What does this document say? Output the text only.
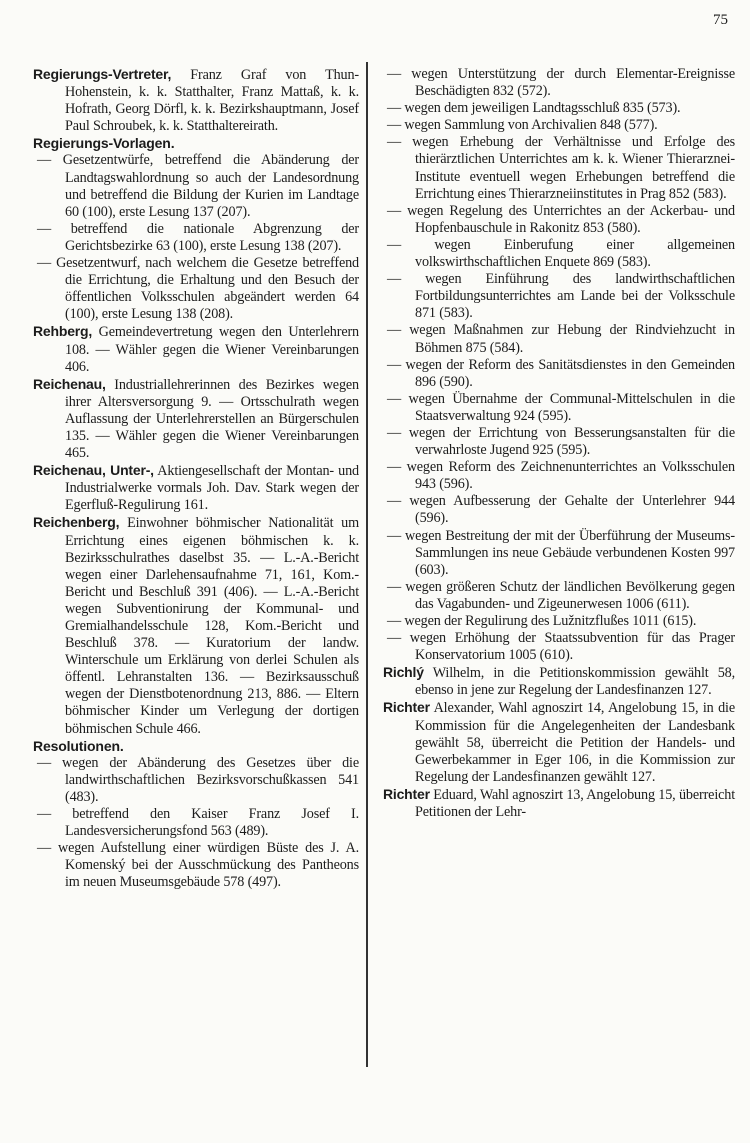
75

Regierungs-Vertreter, Franz Graf von Thun-Hohenstein, k. k. Statthalter, Franz Mattaß, k. k. Hofrath, Georg Dörfl, k. k. Bezirkshauptmann, Josef Paul Schroubek, k. k. Statthaltereirath.

Regierungs-Vorlagen.

— Gesetzentwürfe, betreffend die Abänderung der Landtagswahlordnung so auch der Landesordnung und betreffend die Bildung der Kurien im Landtage 60 (100), erste Lesung 137 (207).

— betreffend die nationale Abgrenzung der Gerichtsbezirke 63 (100), erste Lesung 138 (207).

— Gesetzentwurf, nach welchem die Gesetze betreffend die Errichtung, die Erhaltung und den Besuch der öffentlichen Volksschulen abgeändert werden 64 (100), erste Lesung 138 (208).

Rehberg, Gemeindevertretung wegen den Unterlehrern 108. — Wähler gegen die Wiener Vereinbarungen 406.

Reichenau, Industriallehrerinnen des Bezirkes wegen ihrer Altersversorgung 9. — Ortsschulrath wegen Auflassung der Unterlehrerstellen an Bürgerschulen 135. — Wähler gegen die Wiener Vereinbarungen 465.

Reichenau, Unter-, Aktiengesellschaft der Montan- und Industrialwerke vormals Joh. Dav. Stark wegen der Egerfluß-Regulirung 161.

Reichenberg, Einwohner böhmischer Nationalität um Errichtung eines eigenen böhmischen k. k. Bezirksschulrathes daselbst 35. — L.-A.-Bericht wegen einer Darlehensaufnahme 71, 161, Kom.-Bericht und Beschluß 391 (406). — L.-A.-Bericht wegen Subventionirung der Kommunal- und Gremialhandelsschule 128, Kom.-Bericht und Beschluß 378. — Kuratorium der landw. Winterschule um Erklärung von derlei Schulen als öffentl. Lehranstalten 136. — Bezirksausschuß wegen der Dienstbotenordnung 213, 886. — Eltern böhmischer Kinder um Verlegung der dortigen böhmischen Schule 466.

Resolutionen.

— wegen der Abänderung des Gesetzes über die landwirthschaftlichen Bezirksvorschußkassen 541 (483).

— betreffend den Kaiser Franz Josef I. Landesversicherungsfond 563 (489).

— wegen Aufstellung einer würdigen Büste des J. A. Komenský bei der Ausschmückung des Pantheons im neuen Museumsgebäude 578 (497).

— wegen Unterstützung der durch Elementar-Ereignisse Beschädigten 832 (572).

— wegen dem jeweiligen Landtagsschluß 835 (573).

— wegen Sammlung von Archivalien 848 (577).

— wegen Erhebung der Verhältnisse und Erfolge des thierärztlichen Unterrichtes am k. k. Wiener Thierarznei-Institute eventuell wegen Erhebungen betreffend die Errichtung eines Thierarzneiinstitutes in Prag 852 (583).

— wegen Regelung des Unterrichtes an der Ackerbau- und Hopfenbauschule in Rakonitz 853 (580).

— wegen Einberufung einer allgemeinen volkswirthschaftlichen Enquete 869 (583).

— wegen Einführung des landwirthschaftlichen Fortbildungsunterrichtes am Lande bei der Volksschule 871 (583).

— wegen Maßnahmen zur Hebung der Rindviehzucht in Böhmen 875 (584).

— wegen der Reform des Sanitätsdienstes in den Gemeinden 896 (590).

— wegen Übernahme der Communal-Mittelschulen in die Staatsverwaltung 924 (595).

— wegen der Errichtung von Besserungsanstalten für die verwahrloste Jugend 925 (595).

— wegen Reform des Zeichnenunterrichtes an Volksschulen 943 (596).

— wegen Aufbesserung der Gehalte der Unterlehrer 944 (596).

— wegen Bestreitung der mit der Überführung der Museums-Sammlungen ins neue Gebäude verbundenen Kosten 997 (603).

— wegen größeren Schutz der ländlichen Bevölkerung gegen das Vagabunden- und Zigeunerwesen 1006 (611).

— wegen der Regulirung des Lužnitzflußes 1011 (615).

— wegen Erhöhung der Staatssubvention für das Prager Konservatorium 1005 (610).

Richlý Wilhelm, in die Petitionskommission gewählt 58, ebenso in jene zur Regelung der Landesfinanzen 127.

Richter Alexander, Wahl agnoszirt 14, Angelobung 15, in die Kommission für die Angelegenheiten der Landesbank gewählt 58, überreicht die Petition der Handels- und Gewerbekammer in Eger 106, in die Kommission zur Regelung der Landesfinanzen gewählt 127.

Richter Eduard, Wahl agnoszirt 13, Angelobung 15, überreicht Petitionen der Lehr-
